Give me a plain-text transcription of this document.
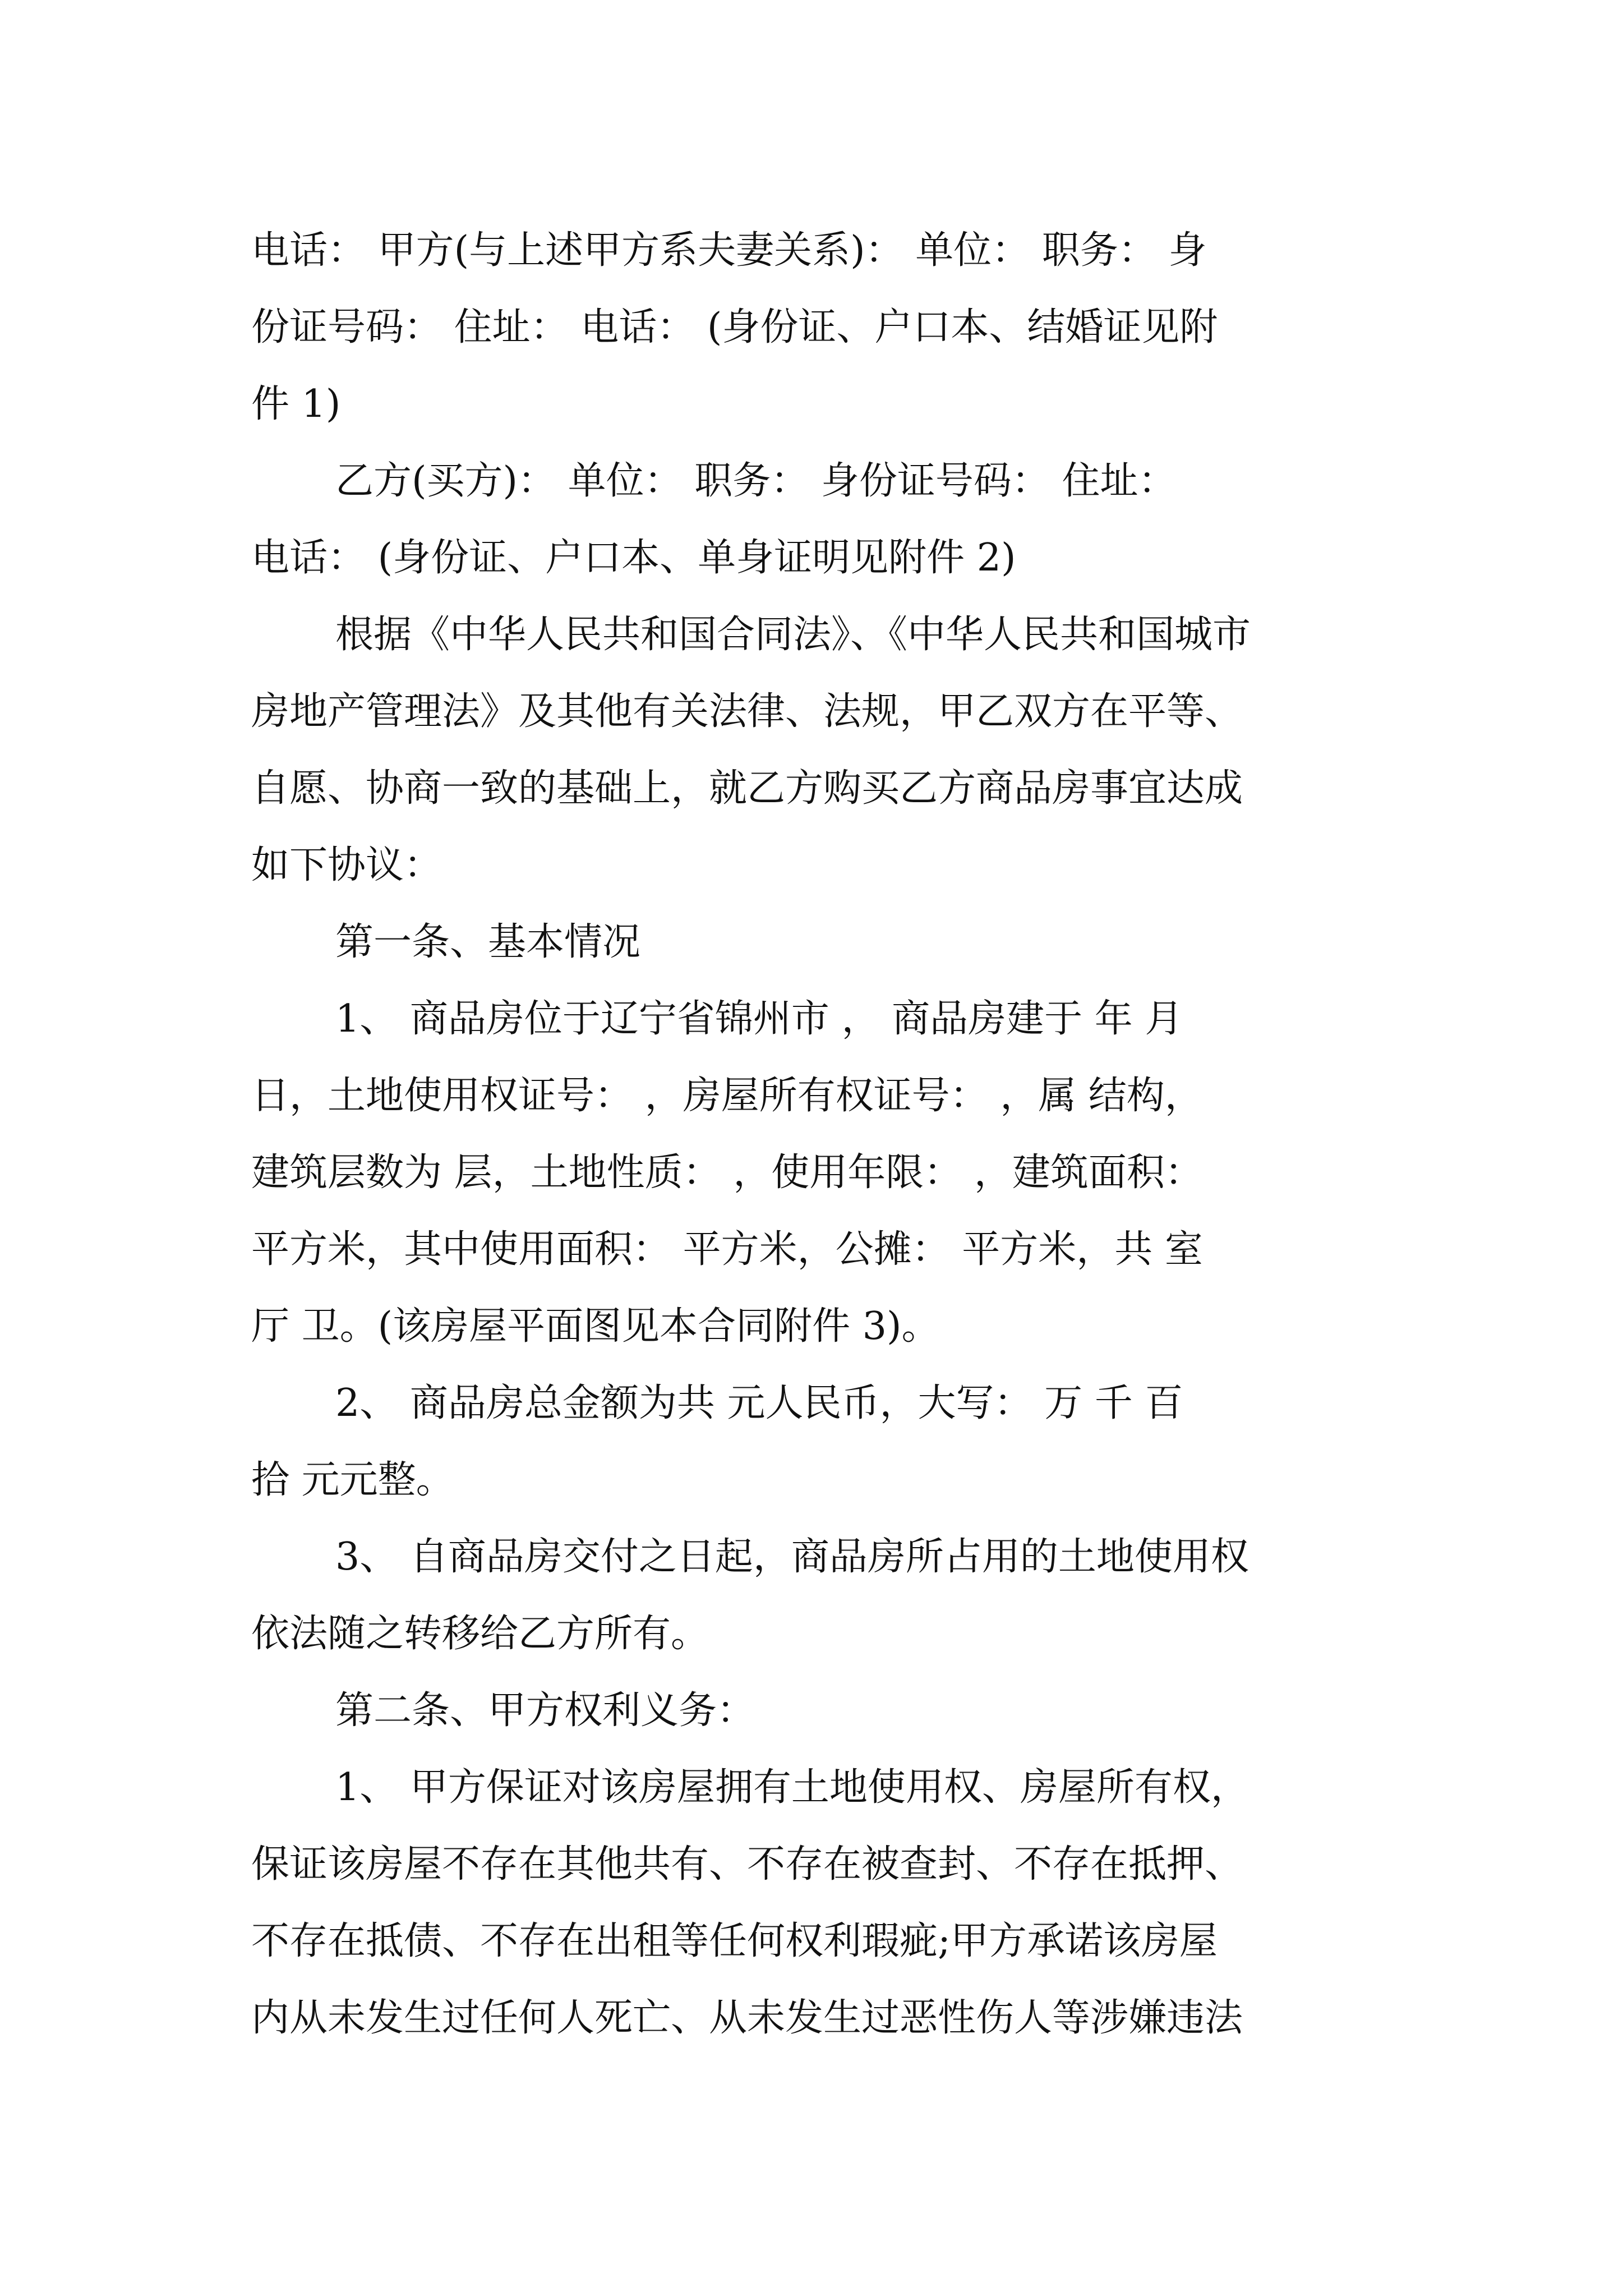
电话： 甲方(与上述甲方系夫妻关系)： 单位： 职务： 身
份证号码： 住址： 电话： (身份证、户口本、结婚证见附
件 1)
乙方(买方)： 单位： 职务： 身份证号码： 住址：
电话： (身份证、户口本、单身证明见附件 2)
根据《中华人民共和国合同法》、《中华人民共和国城市
房地产管理法》及其他有关法律、法规，甲乙双方在平等、
自愿、协商一致的基础上，就乙方购买乙方商品房事宜达成
如下协议：
第一条、基本情况
1、 商品房位于辽宁省锦州市 ， 商品房建于 年 月
日，土地使用权证号： ，房屋所有权证号： ，属 结构，
建筑层数为 层，土地性质： ，使用年限： ，建筑面积：
平方米，其中使用面积： 平方米，公摊： 平方米，共 室
厅 卫。(该房屋平面图见本合同附件 3)。
2、 商品房总金额为共 元人民币，大写： 万 千 百
拾 元元整。
3、 自商品房交付之日起，商品房所占用的土地使用权
依法随之转移给乙方所有。
第二条、甲方权利义务：
1、 甲方保证对该房屋拥有土地使用权、房屋所有权，
保证该房屋不存在其他共有、不存在被查封、不存在抵押、
不存在抵债、不存在出租等任何权利瑕疵;甲方承诺该房屋
内从未发生过任何人死亡、从未发生过恶性伤人等涉嫌违法
